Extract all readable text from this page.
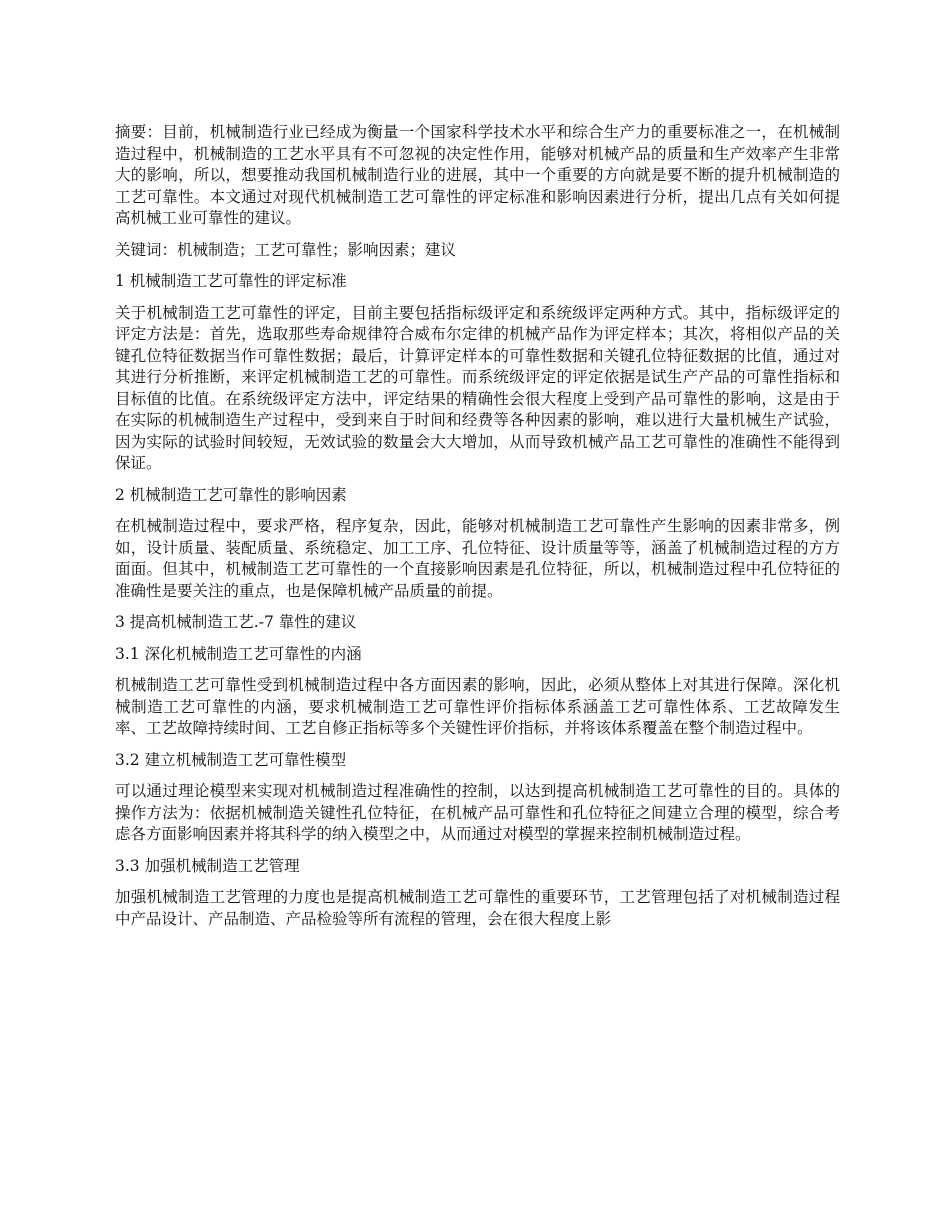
摘要：目前，机械制造行业已经成为衡量一个国家科学技术水平和综合生产力的重要标准之一，在机械制造过程中，机械制造的工艺水平具有不可忽视的决定性作用，能够对机械产品的质量和生产效率产生非常大的影响，所以，想要推动我国机械制造行业的进展，其中一个重要的方向就是要不断的提升机械制造的工艺可靠性。本文通过对现代机械制造工艺可靠性的评定标准和影响因素进行分析，提出几点有关如何提高机械工业可靠性的建议。

关键词：机械制造；工艺可靠性；影响因素；建议

1 机械制造工艺可靠性的评定标准

关于机械制造工艺可靠性的评定，目前主要包括指标级评定和系统级评定两种方式。其中，指标级评定的评定方法是：首先，选取那些寿命规律符合威布尔定律的机械产品作为评定样本；其次，将相似产品的关键孔位特征数据当作可靠性数据；最后，计算评定样本的可靠性数据和关键孔位特征数据的比值，通过对其进行分析推断，来评定机械制造工艺的可靠性。而系统级评定的评定依据是试生产产品的可靠性指标和目标值的比值。在系统级评定方法中，评定结果的精确性会很大程度上受到产品可靠性的影响，这是由于在实际的机械制造生产过程中，受到来自于时间和经费等各种因素的影响，难以进行大量机械生产试验，因为实际的试验时间较短，无效试验的数量会大大增加，从而导致机械产品工艺可靠性的准确性不能得到保证。

2 机械制造工艺可靠性的影响因素

在机械制造过程中，要求严格，程序复杂，因此，能够对机械制造工艺可靠性产生影响的因素非常多，例如，设计质量、装配质量、系统稳定、加工工序、孔位特征、设计质量等等，涵盖了机械制造过程的方方面面。但其中，机械制造工艺可靠性的一个直接影响因素是孔位特征，所以，机械制造过程中孔位特征的准确性是要关注的重点，也是保障机械产品质量的前提。

3 提高机械制造工艺.-7 靠性的建议

3.1 深化机械制造工艺可靠性的内涵

机械制造工艺可靠性受到机械制造过程中各方面因素的影响，因此，必须从整体上对其进行保障。深化机械制造工艺可靠性的内涵，要求机械制造工艺可靠性评价指标体系涵盖工艺可靠性体系、工艺故障发生率、工艺故障持续时间、工艺自修正指标等多个关键性评价指标，并将该体系覆盖在整个制造过程中。

3.2 建立机械制造工艺可靠性模型

可以通过理论模型来实现对机械制造过程准确性的控制，以达到提高机械制造工艺可靠性的目的。具体的操作方法为：依据机械制造关键性孔位特征，在机械产品可靠性和孔位特征之间建立合理的模型，综合考虑各方面影响因素并将其科学的纳入模型之中，从而通过对模型的掌握来控制机械制造过程。

3.3 加强机械制造工艺管理

加强机械制造工艺管理的力度也是提高机械制造工艺可靠性的重要环节，工艺管理包括了对机械制造过程中产品设计、产品制造、产品检验等所有流程的管理，会在很大程度上影
